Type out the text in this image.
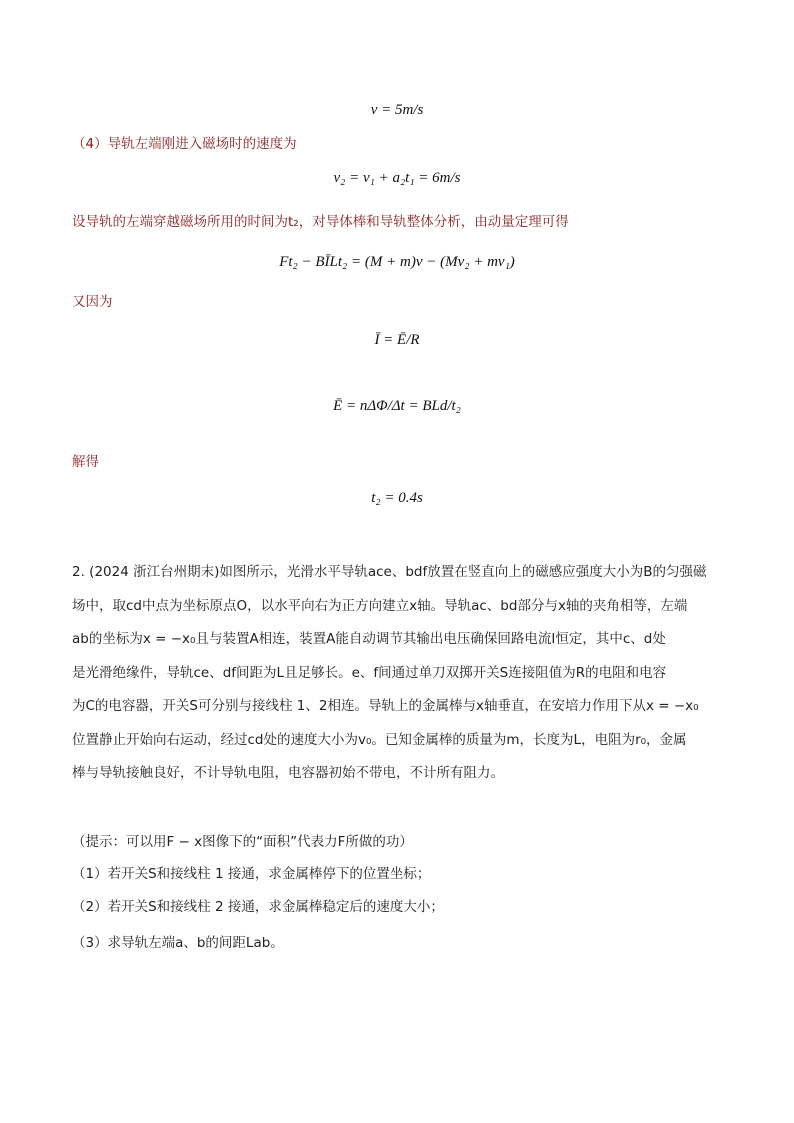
v = 5m/s
（4）导轨左端刚进入磁场时的速度为
v₂ = v₁ + a₂t₁ = 6m/s
设导轨的左端穿越磁场所用的时间为t₂，对导体棒和导轨整体分析，由动量定理可得
Ft₂ − BĪLt₂ = (M + m)v − (Mv₂ + mv₁)
又因为
Ī = Ē/R
Ē = nΔΦ/Δt = BLd/t₂
解得
t₂ = 0.4s
2. (2024 浙江台州期末)如图所示，光滑水平导轨ace、bdf放置在竖直向上的磁感应强度大小为B的匀强磁
场中，取cd中点为坐标原点O，以水平向右为正方向建立x轴。导轨ac、bd部分与x轴的夹角相等，左端
ab的坐标为x = −x₀且与装置A相连，装置A能自动调节其输出电压确保回路电流I恒定，其中c、d处
是光滑绝缘件，导轨ce、df间距为L且足够长。e、f间通过单刀双掷开关S连接阻值为R的电阻和电容
为C的电容器，开关S可分别与接线柱 1、2相连。导轨上的金属棒与x轴垂直，在安培力作用下从x = −x₀
位置静止开始向右运动，经过cd处的速度大小为v₀。已知金属棒的质量为m，长度为L，电阻为r₀，金属
棒与导轨接触良好，不计导轨电阻，电容器初始不带电，不计所有阻力。
（提示：可以用F − x图像下的“面积”代表力F所做的功）
（1）若开关S和接线柱 1 接通，求金属棒停下的位置坐标；
（2）若开关S和接线柱 2 接通，求金属棒稳定后的速度大小；
（3）求导轨左端a、b的间距Lab。
